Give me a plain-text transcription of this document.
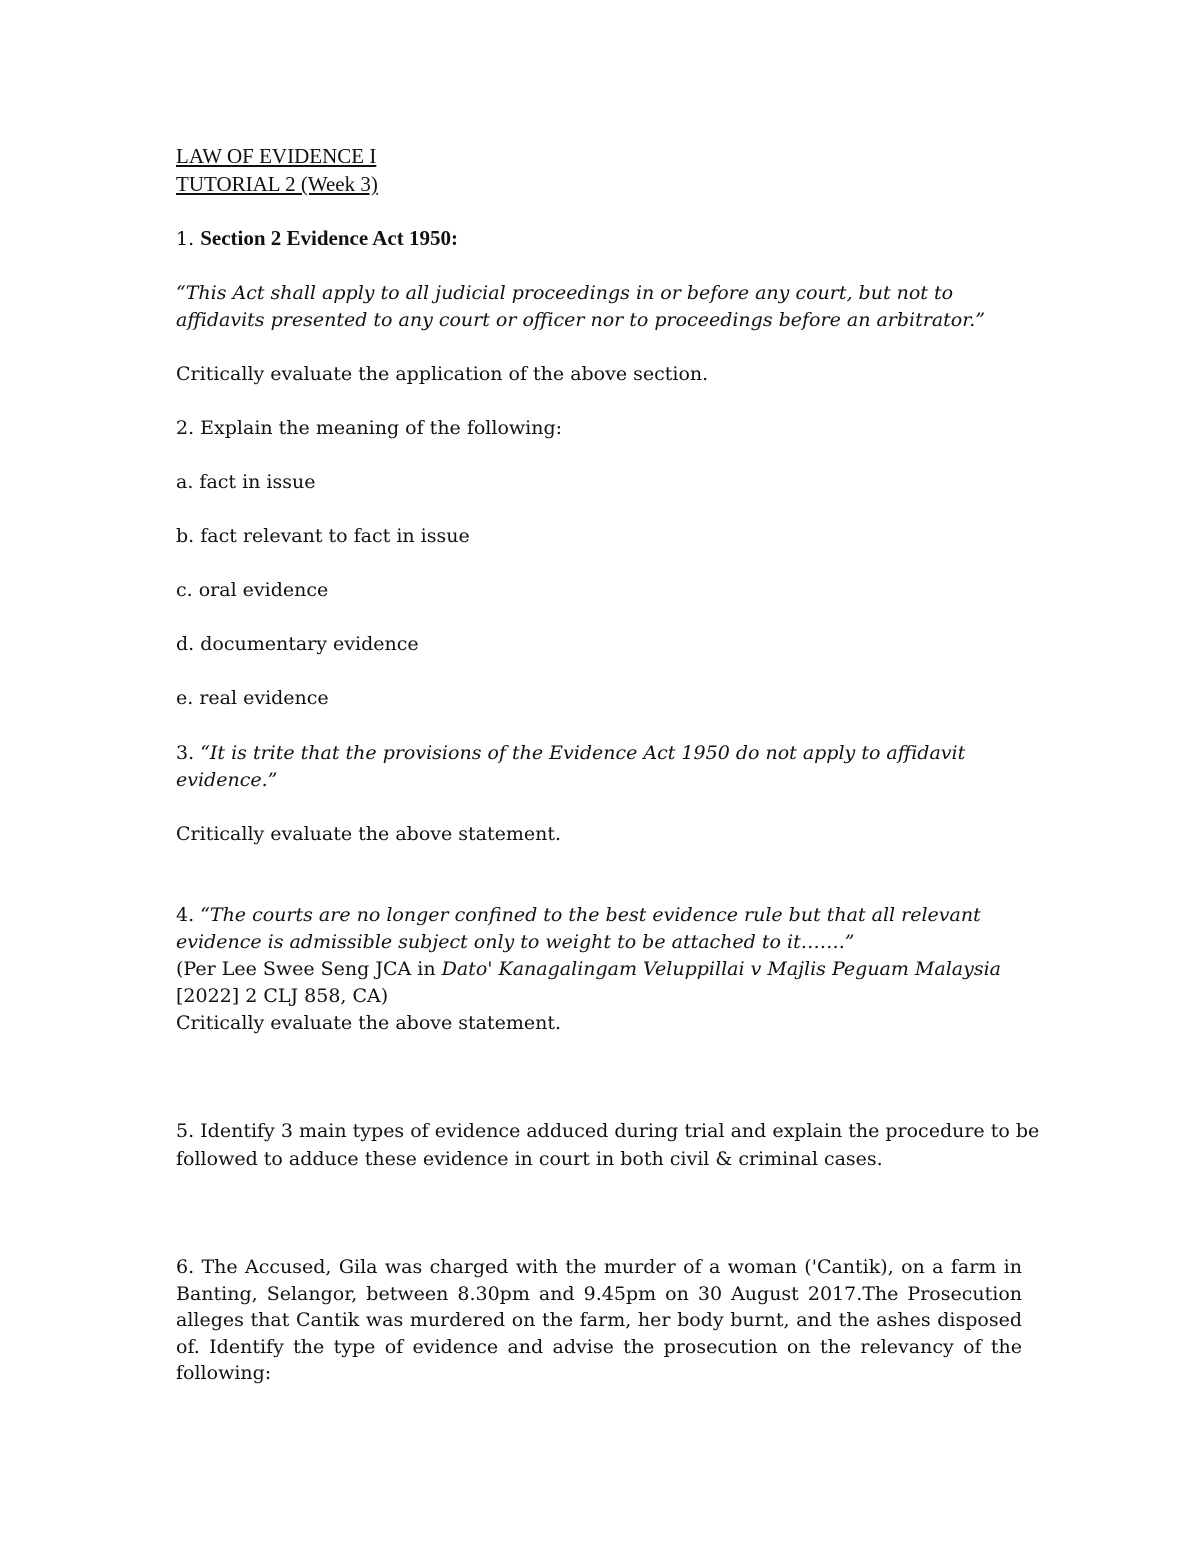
LAW OF EVIDENCE I

TUTORIAL 2 (Week 3)

1. Section 2 Evidence Act 1950:

“This Act shall apply to all judicial proceedings in or before any court, but not to

affidavits presented to any court or officer nor to proceedings before an arbitrator.”

Critically evaluate the application of the above section.

2. Explain the meaning of the following:

a. fact in issue

b. fact relevant to fact in issue

c. oral evidence

d. documentary evidence

e. real evidence

3. “It is trite that the provisions of the Evidence Act 1950 do not apply to affidavit

evidence.”

Critically evaluate the above statement.

4. “The courts are no longer confined to the best evidence rule but that all relevant

evidence is admissible subject only to weight to be attached to it…….”

(Per Lee Swee Seng JCA in Dato' Kanagalingam Veluppillai v Majlis Peguam Malaysia

[2022] 2 CLJ 858, CA)

Critically evaluate the above statement.

5. Identify 3 main types of evidence adduced during trial and explain the procedure to be

followed to adduce these evidence in court in both civil & criminal cases.

6. The Accused, Gila was charged with the murder of a woman ('Cantik), on a farm in Banting, Selangor, between 8.30pm and 9.45pm on 30 August 2017.The Prosecution alleges that Cantik was murdered on the farm, her body burnt, and the ashes disposed of. Identify the type of evidence and advise the prosecution on the relevancy of the following:
